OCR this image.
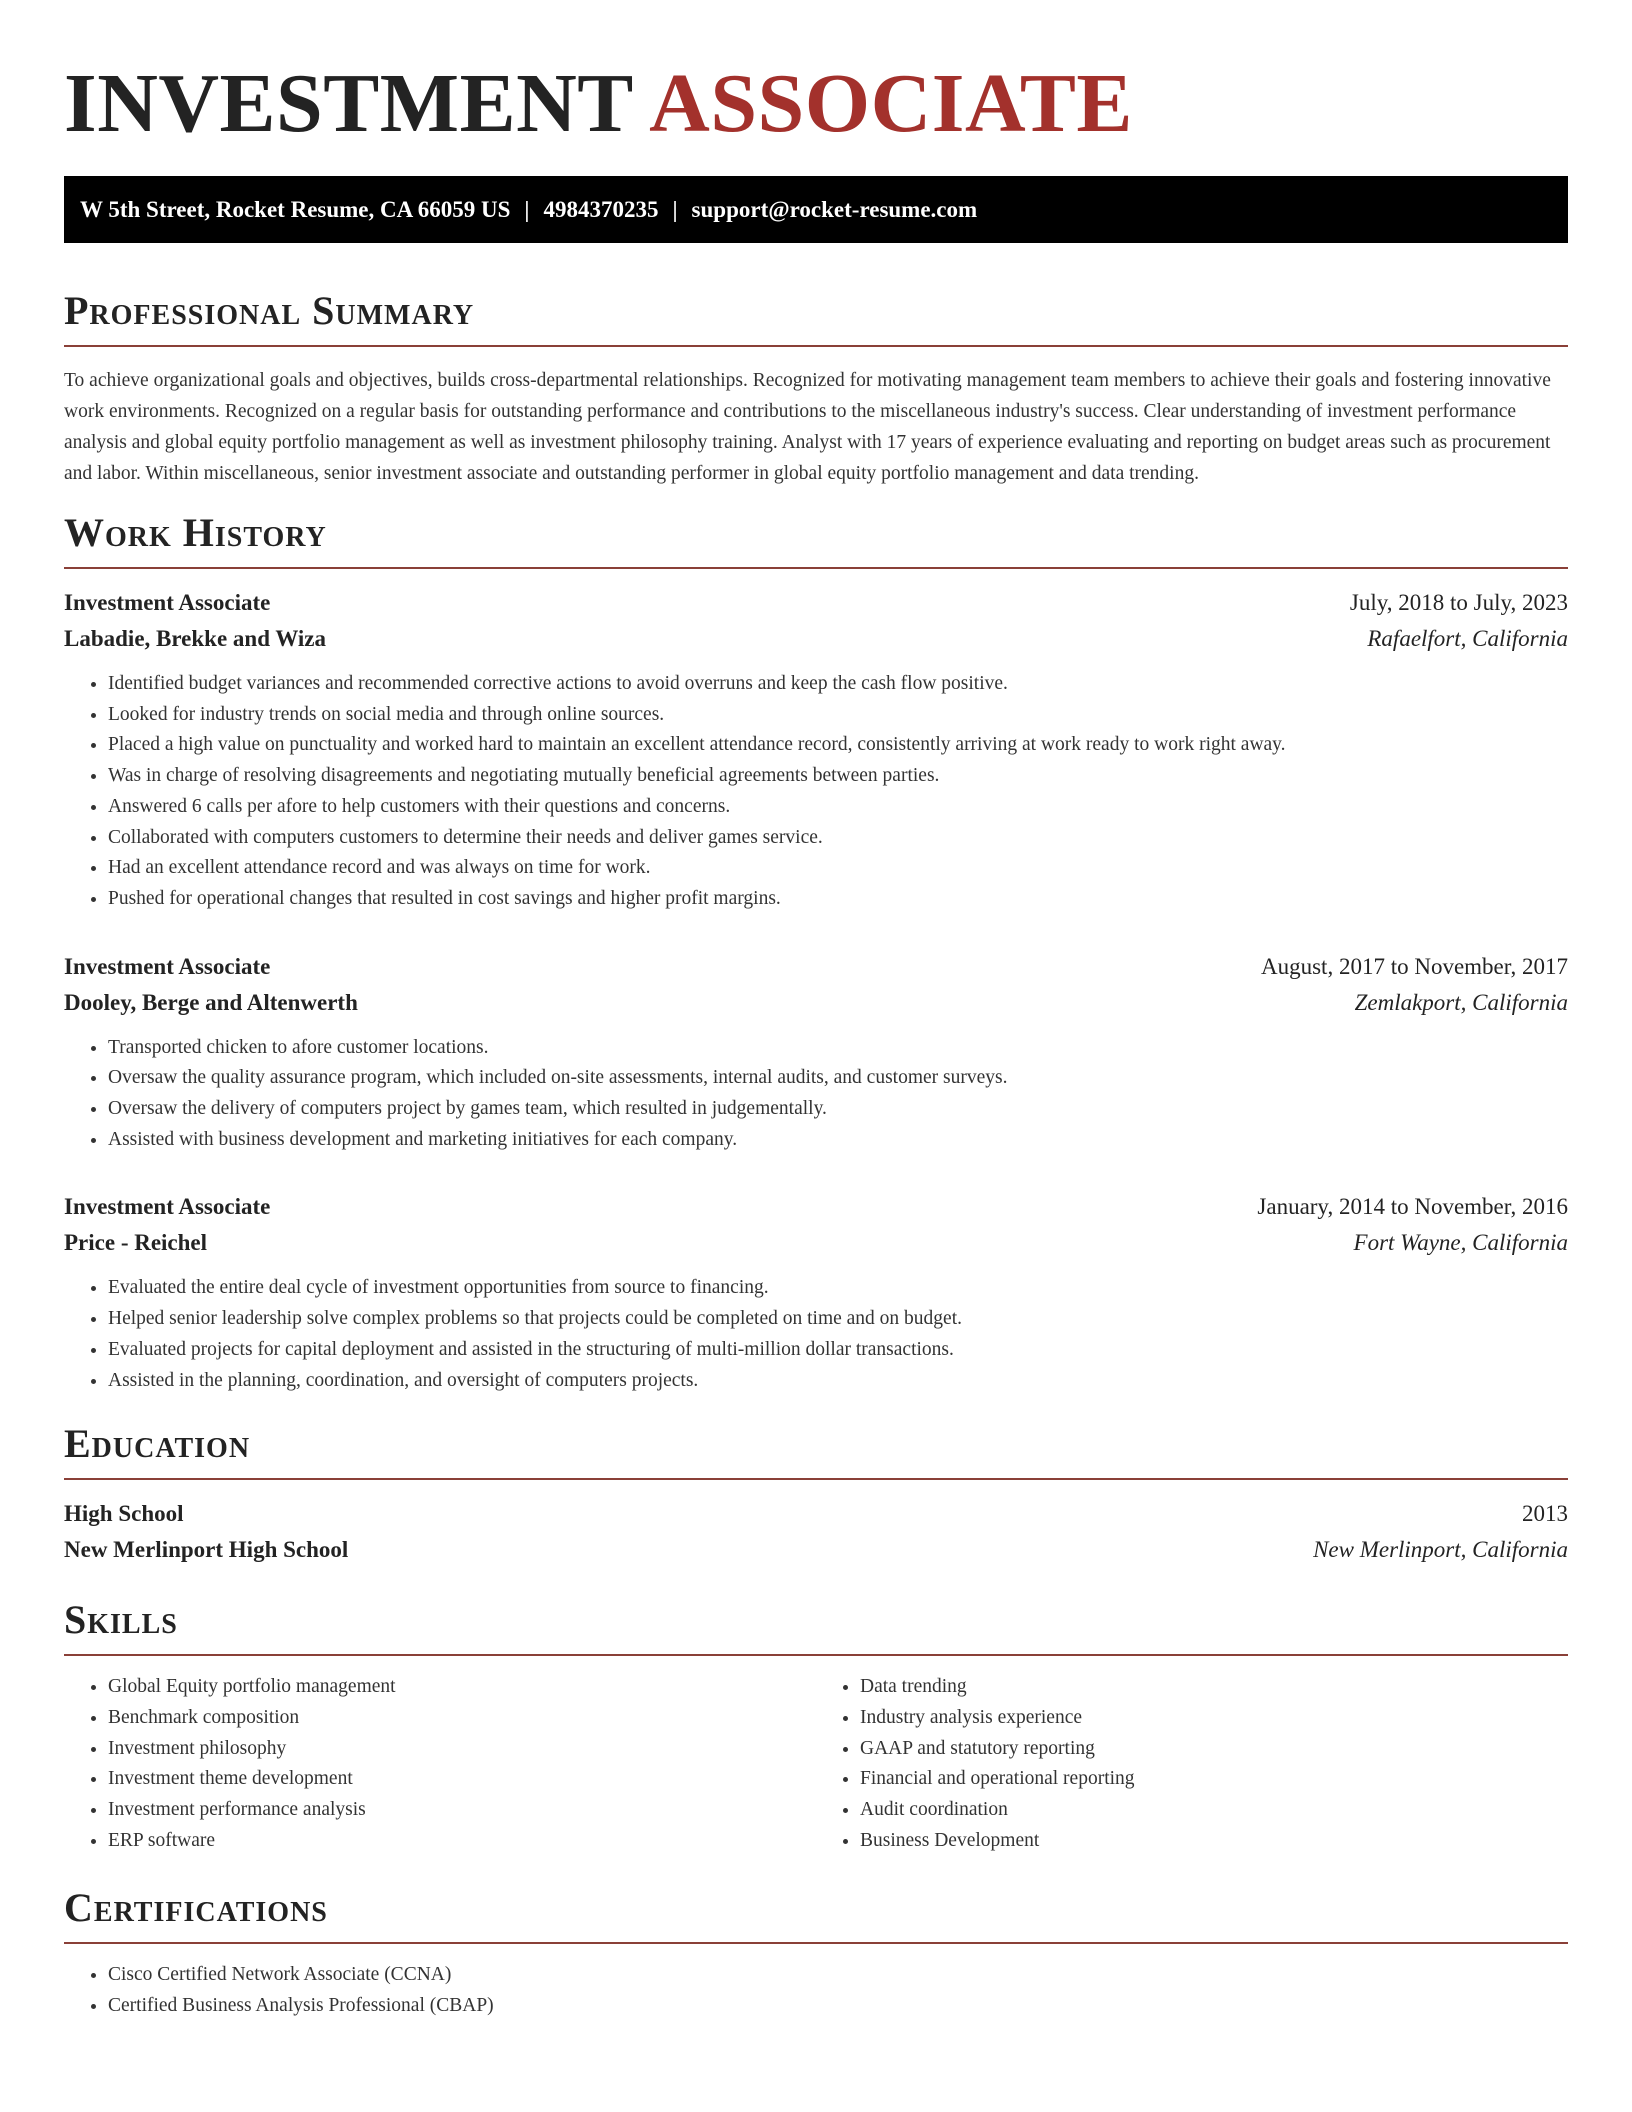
INVESTMENT ASSOCIATE
W 5th Street, Rocket Resume, CA 66059 US | 4984370235 | support@rocket-resume.com
Professional Summary

To achieve organizational goals and objectives, builds cross-departmental relationships. Recognized for motivating management team members to achieve their goals and fostering innovative work environments. Recognized on a regular basis for outstanding performance and contributions to the miscellaneous industry's success. Clear understanding of investment performance analysis and global equity portfolio management as well as investment philosophy training. Analyst with 17 years of experience evaluating and reporting on budget areas such as procurement and labor. Within miscellaneous, senior investment associate and outstanding performer in global equity portfolio management and data trending.

Work History
Investment Associate	July, 2018 to July, 2023
Labadie, Brekke and Wiza	Rafaelfort, California
• Identified budget variances and recommended corrective actions to avoid overruns and keep the cash flow positive.
• Looked for industry trends on social media and through online sources.
• Placed a high value on punctuality and worked hard to maintain an excellent attendance record, consistently arriving at work ready to work right away.
• Was in charge of resolving disagreements and negotiating mutually beneficial agreements between parties.
• Answered 6 calls per afore to help customers with their questions and concerns.
• Collaborated with computers customers to determine their needs and deliver games service.
• Had an excellent attendance record and was always on time for work.
• Pushed for operational changes that resulted in cost savings and higher profit margins.
Investment Associate	August, 2017 to November, 2017
Dooley, Berge and Altenwerth	Zemlakport, California
• Transported chicken to afore customer locations.
• Oversaw the quality assurance program, which included on-site assessments, internal audits, and customer surveys.
• Oversaw the delivery of computers project by games team, which resulted in judgementally.
• Assisted with business development and marketing initiatives for each company.
Investment Associate	January, 2014 to November, 2016
Price - Reichel	Fort Wayne, California
• Evaluated the entire deal cycle of investment opportunities from source to financing.
• Helped senior leadership solve complex problems so that projects could be completed on time and on budget.
• Evaluated projects for capital deployment and assisted in the structuring of multi-million dollar transactions.
• Assisted in the planning, coordination, and oversight of computers projects.
Education
High School	2013
New Merlinport High School	New Merlinport, California
Skills
• Global Equity portfolio management
• Benchmark composition
• Investment philosophy
• Investment theme development
• Investment performance analysis
• ERP software
• Data trending
• Industry analysis experience
• GAAP and statutory reporting
• Financial and operational reporting
• Audit coordination
• Business Development
Certifications
• Cisco Certified Network Associate (CCNA)
• Certified Business Analysis Professional (CBAP)
